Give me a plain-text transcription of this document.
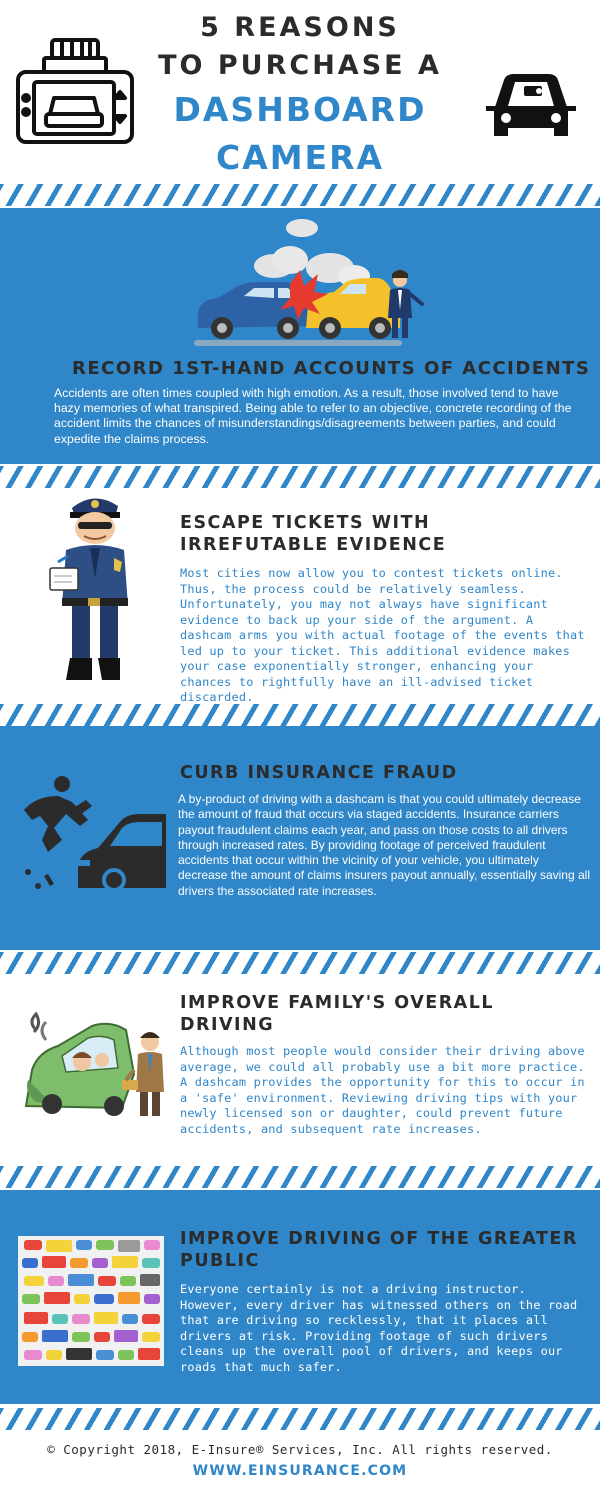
5 REASONS
TO PURCHASE A
DASHBOARD
CAMERA
RECORD 1ST-HAND ACCOUNTS OF ACCIDENTS
Accidents are often times coupled with high emotion. As a result, those involved tend to have hazy memories of what transpired. Being able to refer to an objective, concrete recording of the accident limits the chances of misunderstandings/disagreements between parties, and could expedite the claims process.
ESCAPE TICKETS WITH IRREFUTABLE EVIDENCE
Most cities now allow you to contest tickets online. Thus, the process could be relatively seamless. Unfortunately, you may not always have significant evidence to back up your side of the argument. A dashcam arms you with actual footage of the events that led up to your ticket. This additional evidence makes your case exponentially stronger, enhancing your chances to rightfully have an ill-advised ticket discarded.
CURB INSURANCE FRAUD
A by-product of driving with a dashcam is that you could ultimately decrease the amount of fraud that occurs via staged accidents. Insurance carriers payout fraudulent claims each year, and pass on those costs to all drivers through increased rates. By providing footage of perceived fraudulent accidents that occur within the vicinity of your vehicle, you ultimately decrease the amount of claims insurers payout annually, essentially saving all drivers the associated rate increases.
IMPROVE FAMILY'S OVERALL DRIVING
Although most people would consider their driving above average, we could all probably use a bit more practice. A dashcam provides the opportunity for this to occur in a 'safe' environment. Reviewing driving tips with your newly licensed son or daughter, could prevent future accidents, and subsequent rate increases.
IMPROVE DRIVING OF THE GREATER PUBLIC
Everyone certainly is not a driving instructor. However, every driver has witnessed others on the road that are driving so recklessly, that it places all drivers at risk. Providing footage of such drivers cleans up the overall pool of drivers, and keeps our roads that much safer.
© Copyright 2018, E-Insure® Services, Inc. All rights reserved.
WWW.EINSURANCE.COM
